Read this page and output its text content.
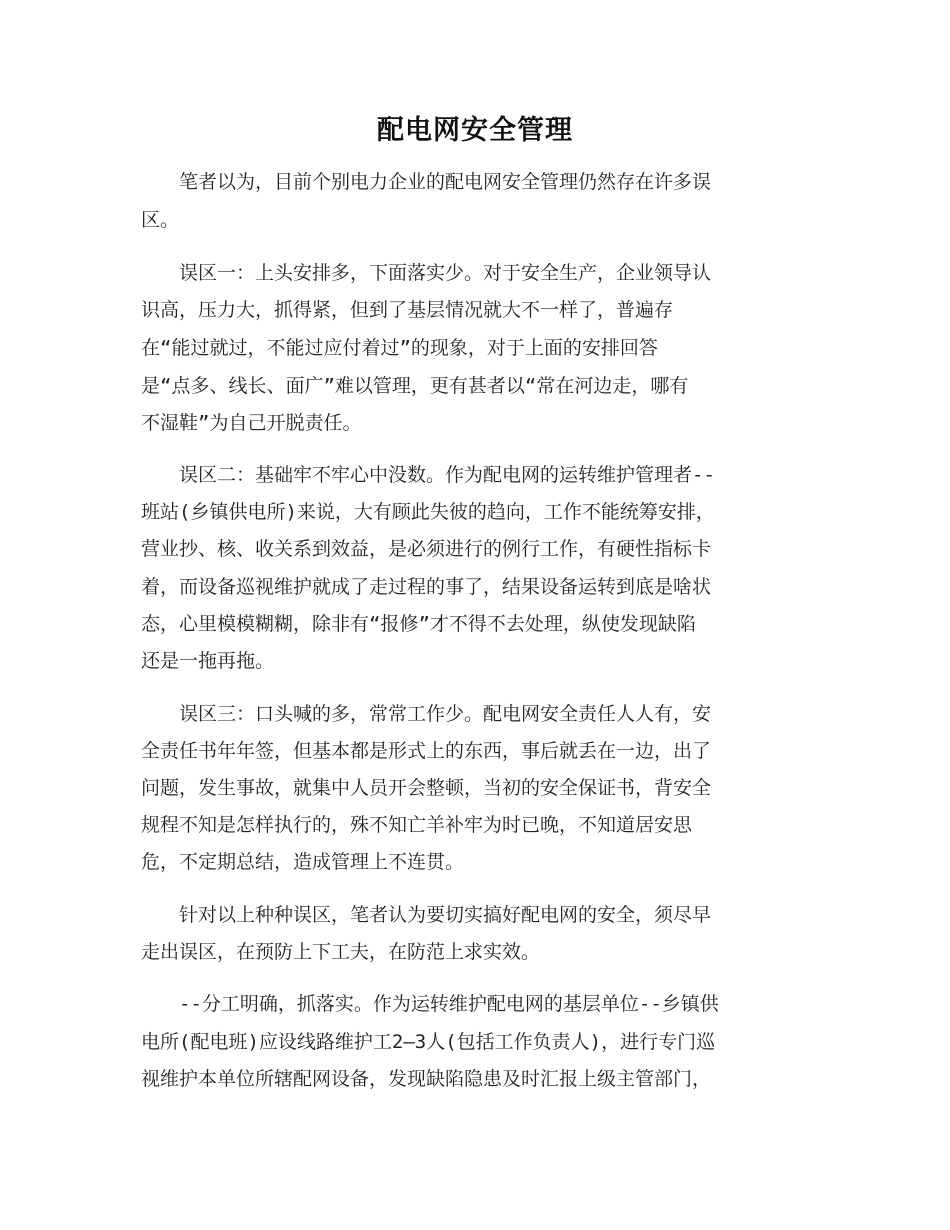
配电网安全管理
　　笔者以为，目前个别电力企业的配电网安全管理仍然存在许多误
区。
　　误区一：上头安排多，下面落实少。对于安全生产，企业领导认
识高，压力大，抓得紧，但到了基层情况就大不一样了，普遍存
在“能过就过，不能过应付着过”的现象，对于上面的安排回答
是“点多、线长、面广”难以管理，更有甚者以“常在河边走，哪有
不湿鞋”为自己开脱责任。
　　误区二：基础牢不牢心中没数。作为配电网的运转维护管理者--
班站(乡镇供电所)来说，大有顾此失彼的趋向，工作不能统筹安排，
营业抄、核、收关系到效益，是必须进行的例行工作，有硬性指标卡
着，而设备巡视维护就成了走过程的事了，结果设备运转到底是啥状
态，心里模模糊糊，除非有“报修”才不得不去处理，纵使发现缺陷
还是一拖再拖。
　　误区三：口头喊的多，常常工作少。配电网安全责任人人有，安
全责任书年年签，但基本都是形式上的东西，事后就丢在一边，出了
问题，发生事故，就集中人员开会整顿，当初的安全保证书，背安全
规程不知是怎样执行的，殊不知亡羊补牢为时已晚，不知道居安思
危，不定期总结，造成管理上不连贯。
　　针对以上种种误区，笔者认为要切实搞好配电网的安全，须尽早
走出误区，在预防上下工夫，在防范上求实效。
　　--分工明确，抓落实。作为运转维护配电网的基层单位--乡镇供
电所(配电班)应设线路维护工2—3人(包括工作负责人)，进行专门巡
视维护本单位所辖配网设备，发现缺陷隐患及时汇报上级主管部门，
